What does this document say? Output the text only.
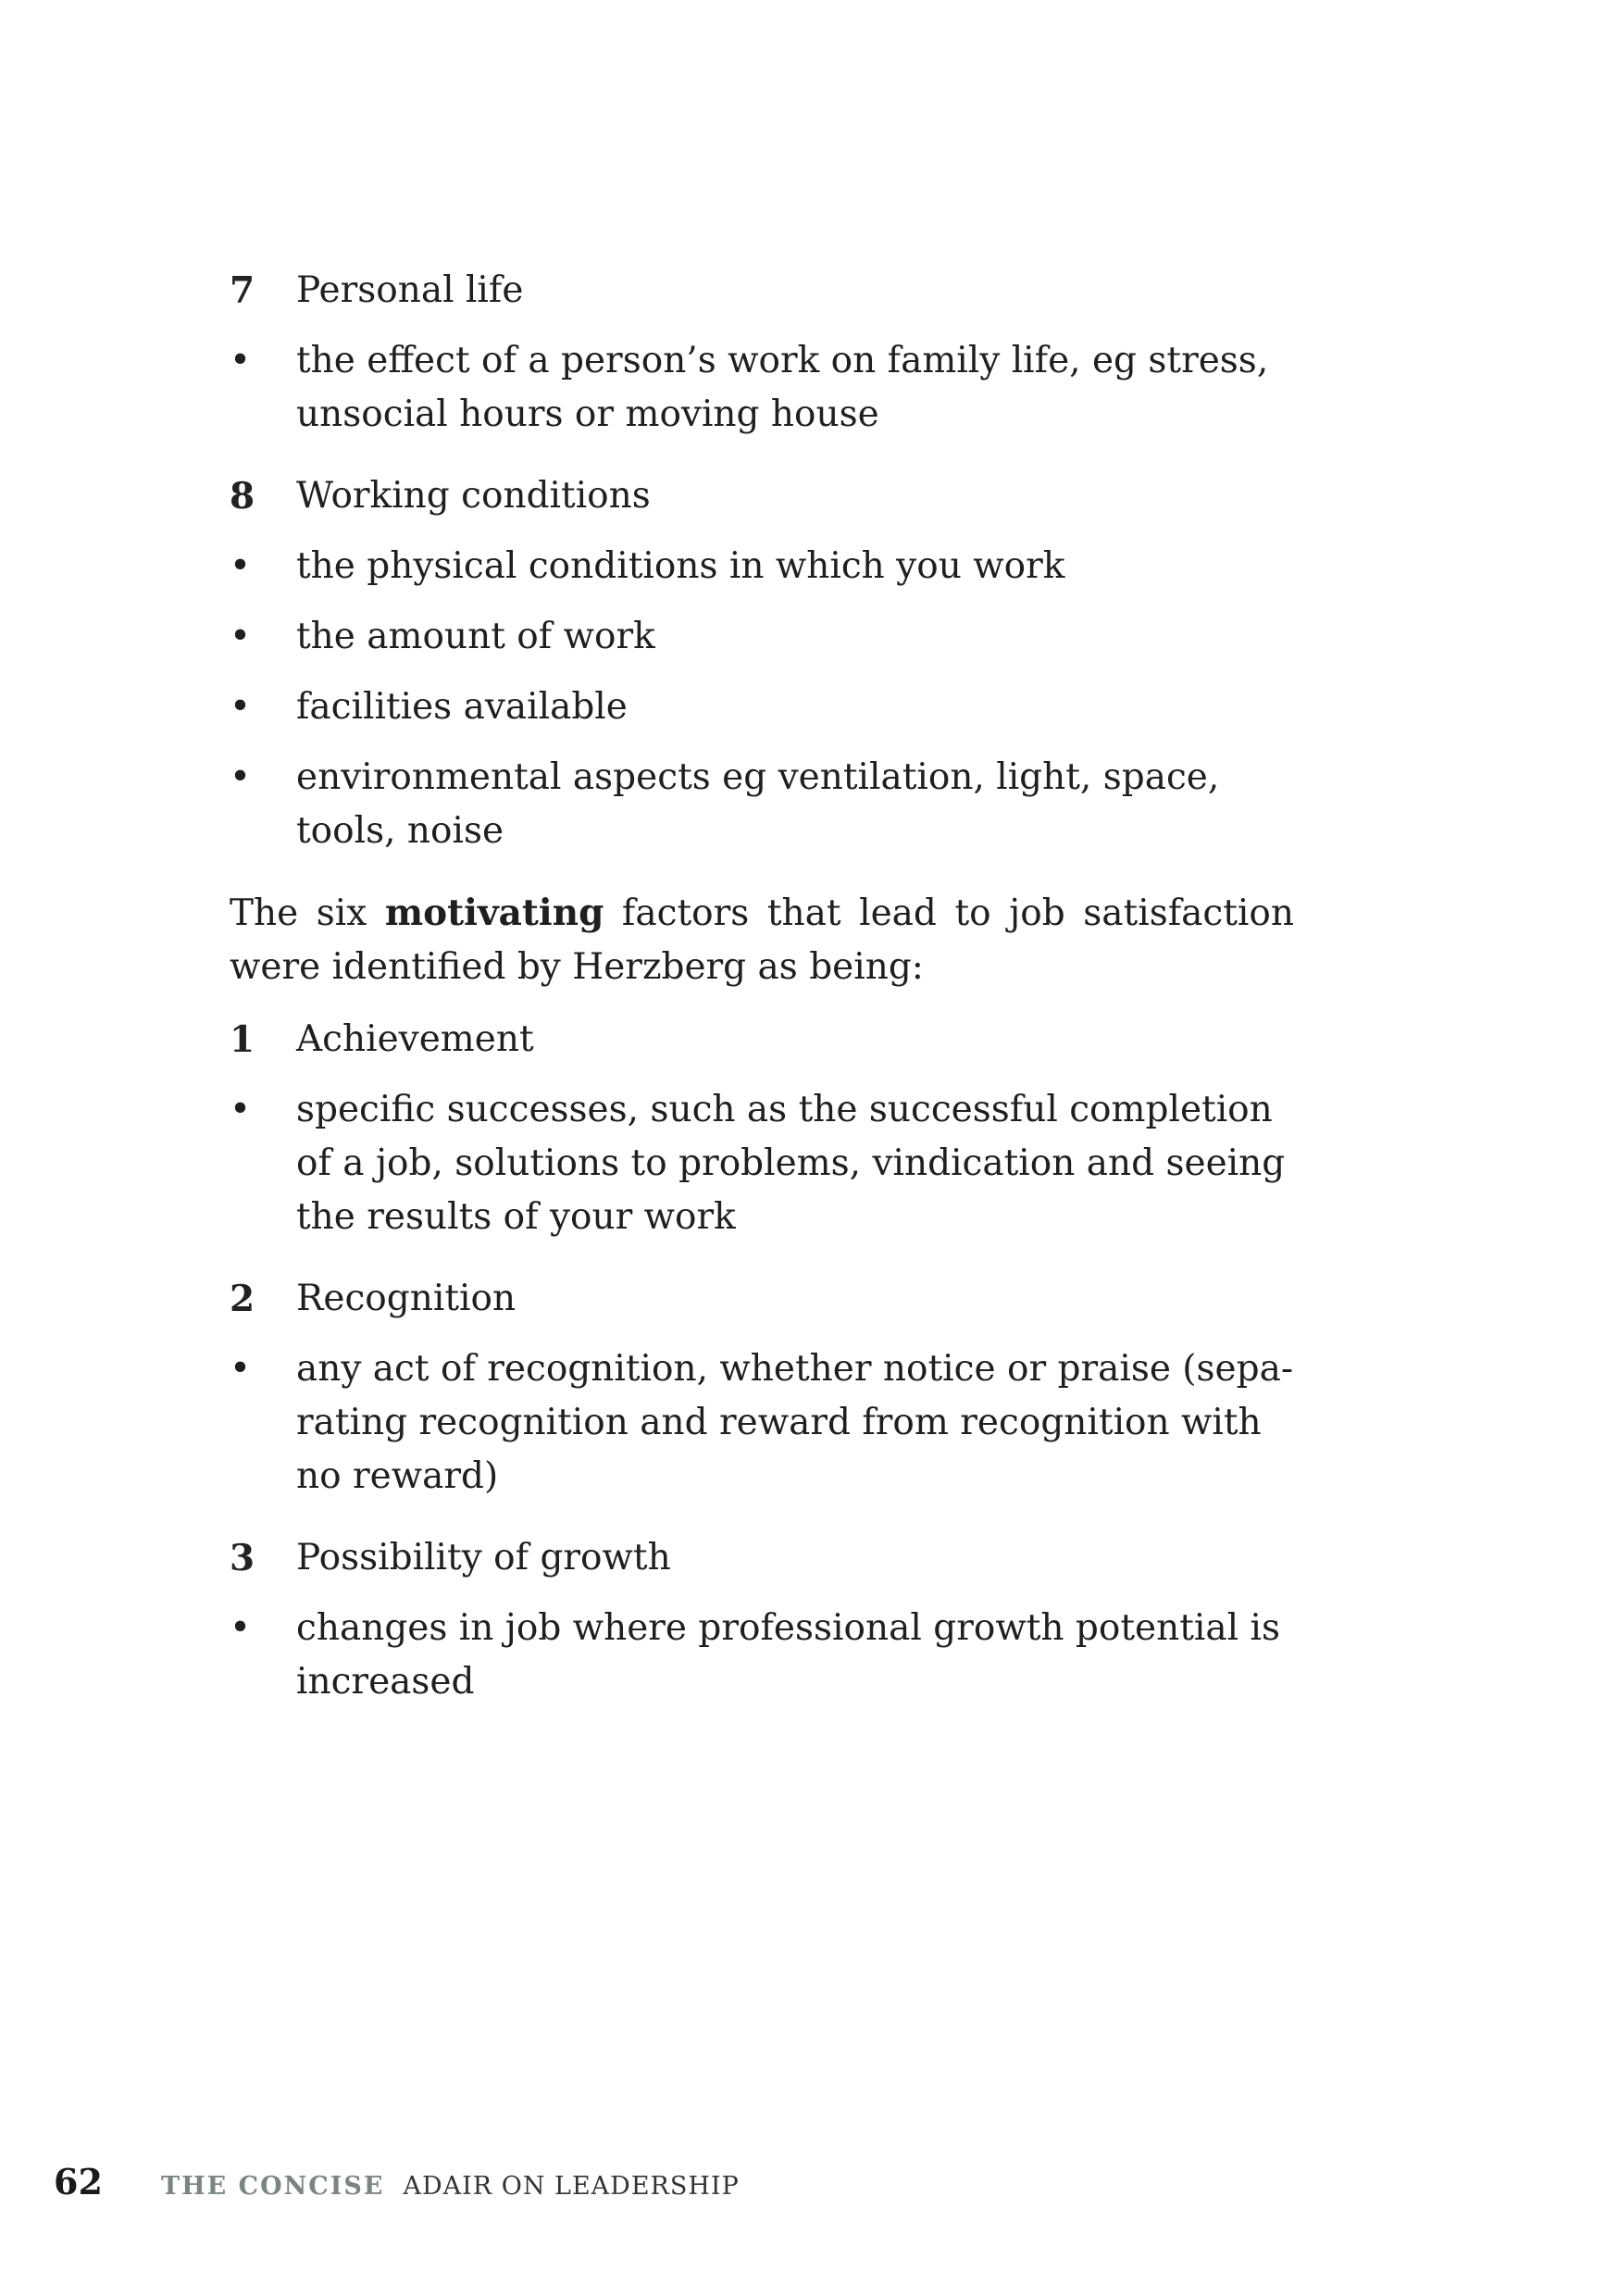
7 Personal life
• the effect of a person’s work on family life, eg stress, unsocial hours or moving house
8 Working conditions
• the physical conditions in which you work
• the amount of work
• facilities available
• environmental aspects eg ventilation, light, space, tools, noise

The six motivating factors that lead to job satisfaction were identified by Herzberg as being:

1 Achievement
• specific successes, such as the successful completion of a job, solutions to problems, vindication and seeing the results of your work
2 Recognition
• any act of recognition, whether notice or praise (sepa-rating recognition and reward from recognition with no reward)
3 Possibility of growth
• changes in job where professional growth potential is increased
62	THE CONCISE ADAIR ON LEADERSHIP
